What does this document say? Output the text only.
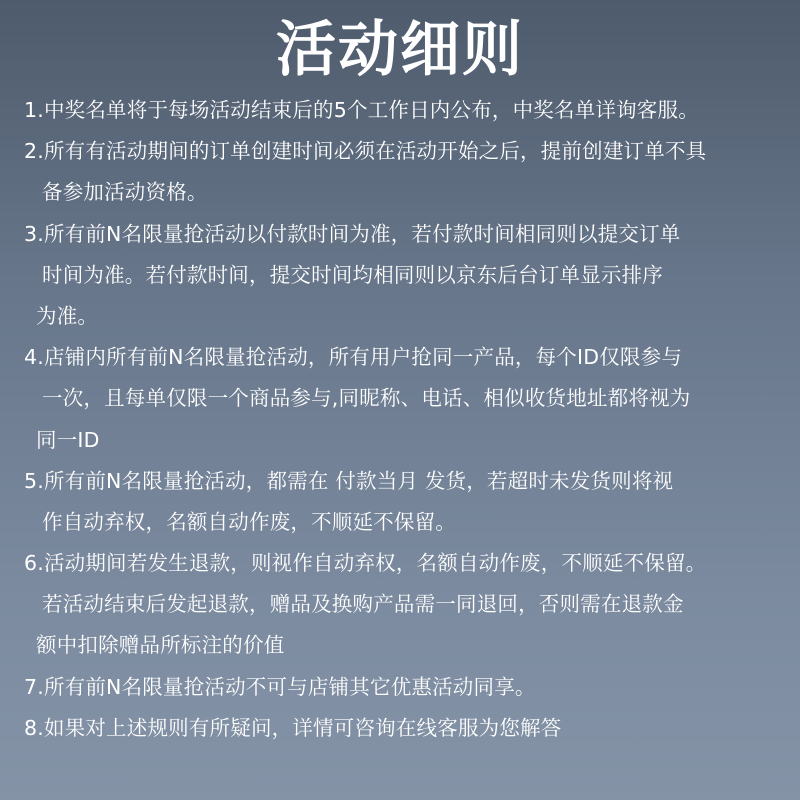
活动细则
1.中奖名单将于每场活动结束后的5个工作日内公布，中奖名单详询客服。
2.所有有活动期间的订单创建时间必须在活动开始之后，提前创建订单不具
备参加活动资格。
3.所有前N名限量抢活动以付款时间为准，若付款时间相同则以提交订单
时间为准。若付款时间，提交时间均相同则以京东后台订单显示排序
为准。
4.店铺内所有前N名限量抢活动，所有用户抢同一产品，每个ID仅限参与
一次，且每单仅限一个商品参与,同昵称、电话、相似收货地址都将视为
同一ID
5.所有前N名限量抢活动，都需在 付款当月 发货，若超时未发货则将视
作自动弃权，名额自动作废，不顺延不保留。
6.活动期间若发生退款，则视作自动弃权，名额自动作废，不顺延不保留。
若活动结束后发起退款，赠品及换购产品需一同退回，否则需在退款金
额中扣除赠品所标注的价值
7.所有前N名限量抢活动不可与店铺其它优惠活动同享。
8.如果对上述规则有所疑问，详情可咨询在线客服为您解答
